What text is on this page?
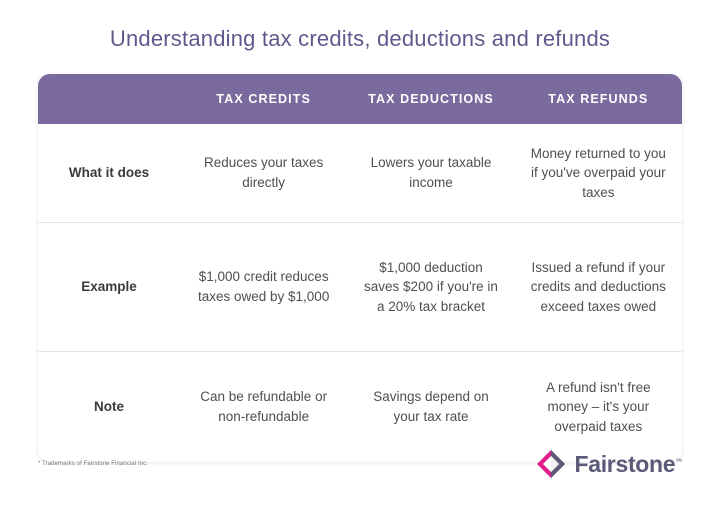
Understanding tax credits, deductions and refunds
	TAX CREDITS	TAX DEDUCTIONS	TAX REFUNDS
What it does	Reduces your taxes directly	Lowers your taxable income	Money returned to you if you've overpaid your taxes
Example	$1,000 credit reduces taxes owed by $1,000	$1,000 deduction saves $200 if you're in a 20% tax bracket	Issued a refund if your credits and deductions exceed taxes owed
Note	Can be refundable or non-refundable	Savings depend on your tax rate	A refund isn't free money – it's your overpaid taxes
* Trademarks of Fairstone Financial Inc.	Fairstone™
